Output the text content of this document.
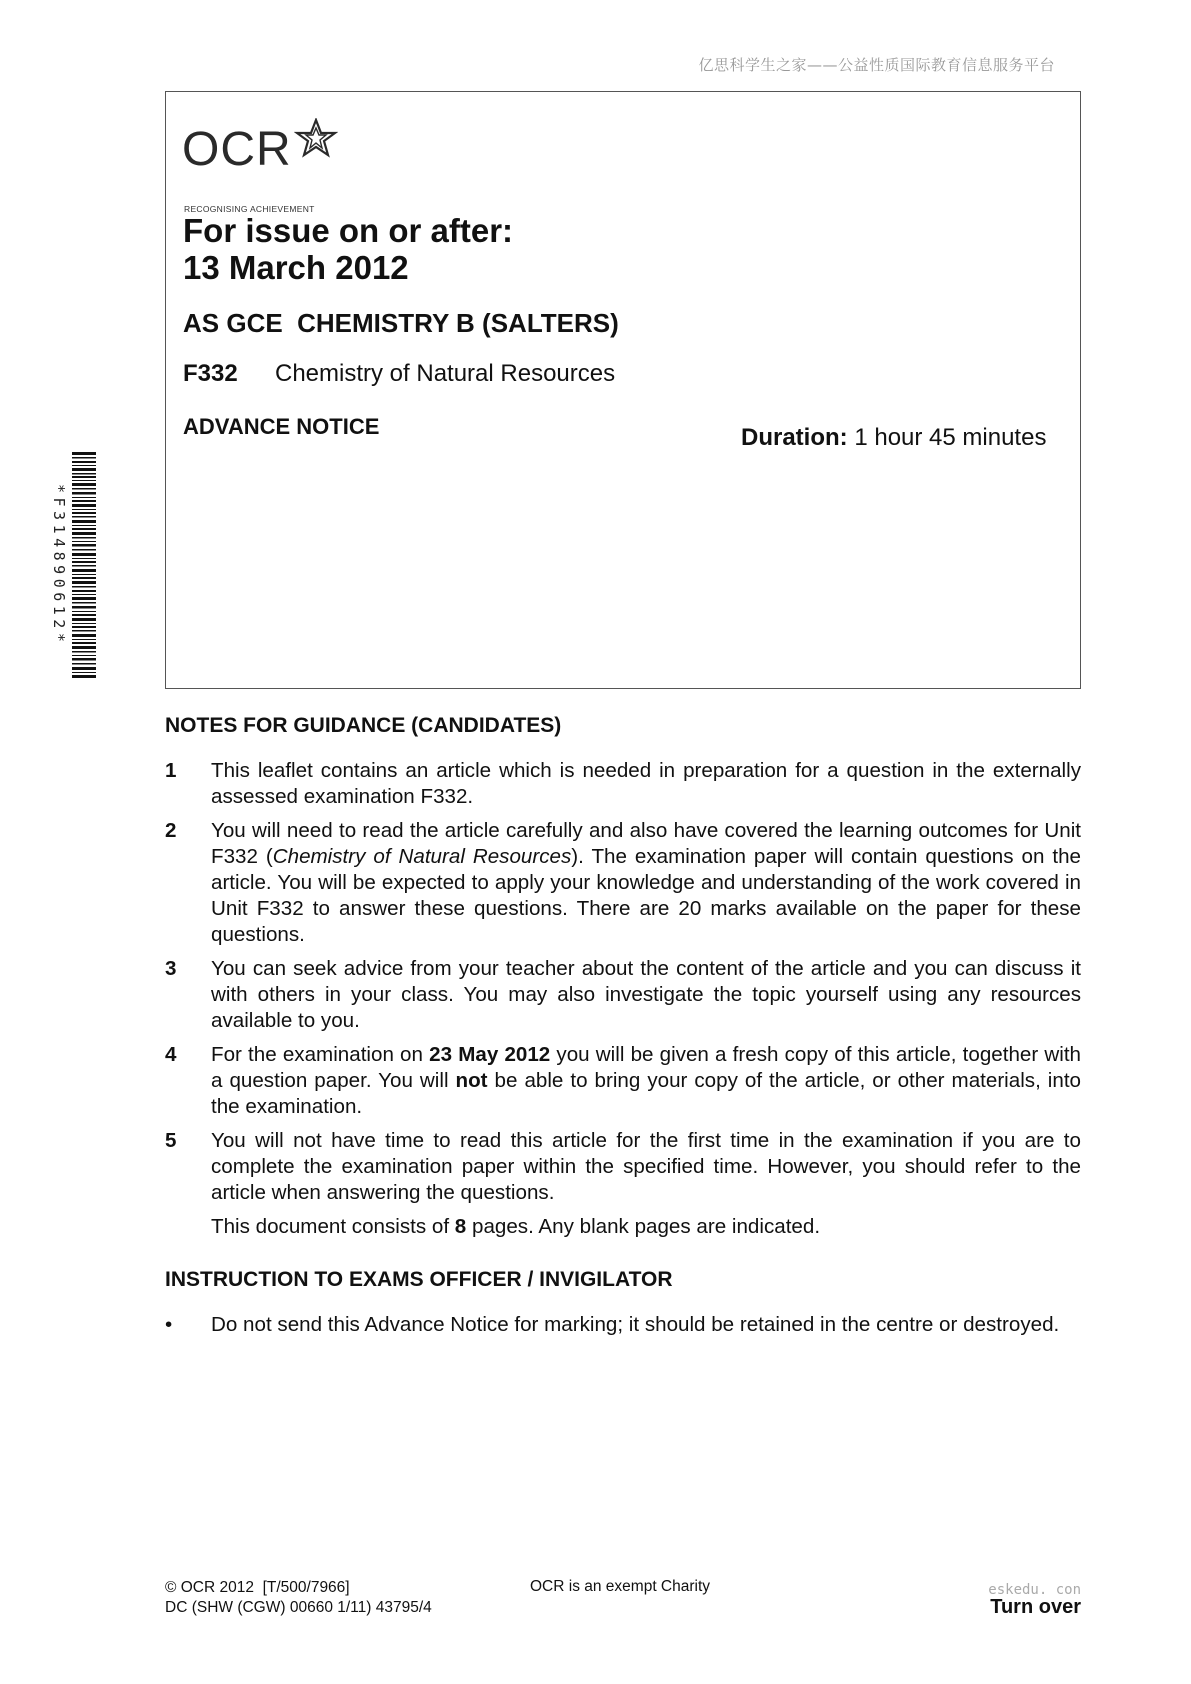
亿思科学生之家——公益性质国际教育信息服务平台
OCR
RECOGNISING ACHIEVEMENT
For issue on or after:
13 March 2012
AS GCE  CHEMISTRY B (SALTERS)
F332 Chemistry of Natural Resources
ADVANCE NOTICE	Duration: 1 hour 45 minutes
*F314890612*
NOTES FOR GUIDANCE (CANDIDATES)
1 This leaflet contains an article which is needed in preparation for a question in the externally assessed examination F332.
2 You will need to read the article carefully and also have covered the learning outcomes for Unit F332 (Chemistry of Natural Resources). The examination paper will contain questions on the article. You will be expected to apply your knowledge and understanding of the work covered in Unit F332 to answer these questions. There are 20 marks available on the paper for these questions.
3 You can seek advice from your teacher about the content of the article and you can discuss it with others in your class. You may also investigate the topic yourself using any resources available to you.
4 For the examination on 23 May 2012 you will be given a fresh copy of this article, together with a question paper. You will not be able to bring your copy of the article, or other materials, into the examination.
5 You will not have time to read this article for the first time in the examination if you are to complete the examination paper within the specified time. However, you should refer to the article when answering the questions.
This document consists of 8 pages. Any blank pages are indicated.
INSTRUCTION TO EXAMS OFFICER / INVIGILATOR
• Do not send this Advance Notice for marking; it should be retained in the centre or destroyed.
© OCR 2012  [T/500/7966]
DC (SHW (CGW) 00660 1/11) 43795/4
OCR is an exempt Charity	eskedu. con
Turn over
